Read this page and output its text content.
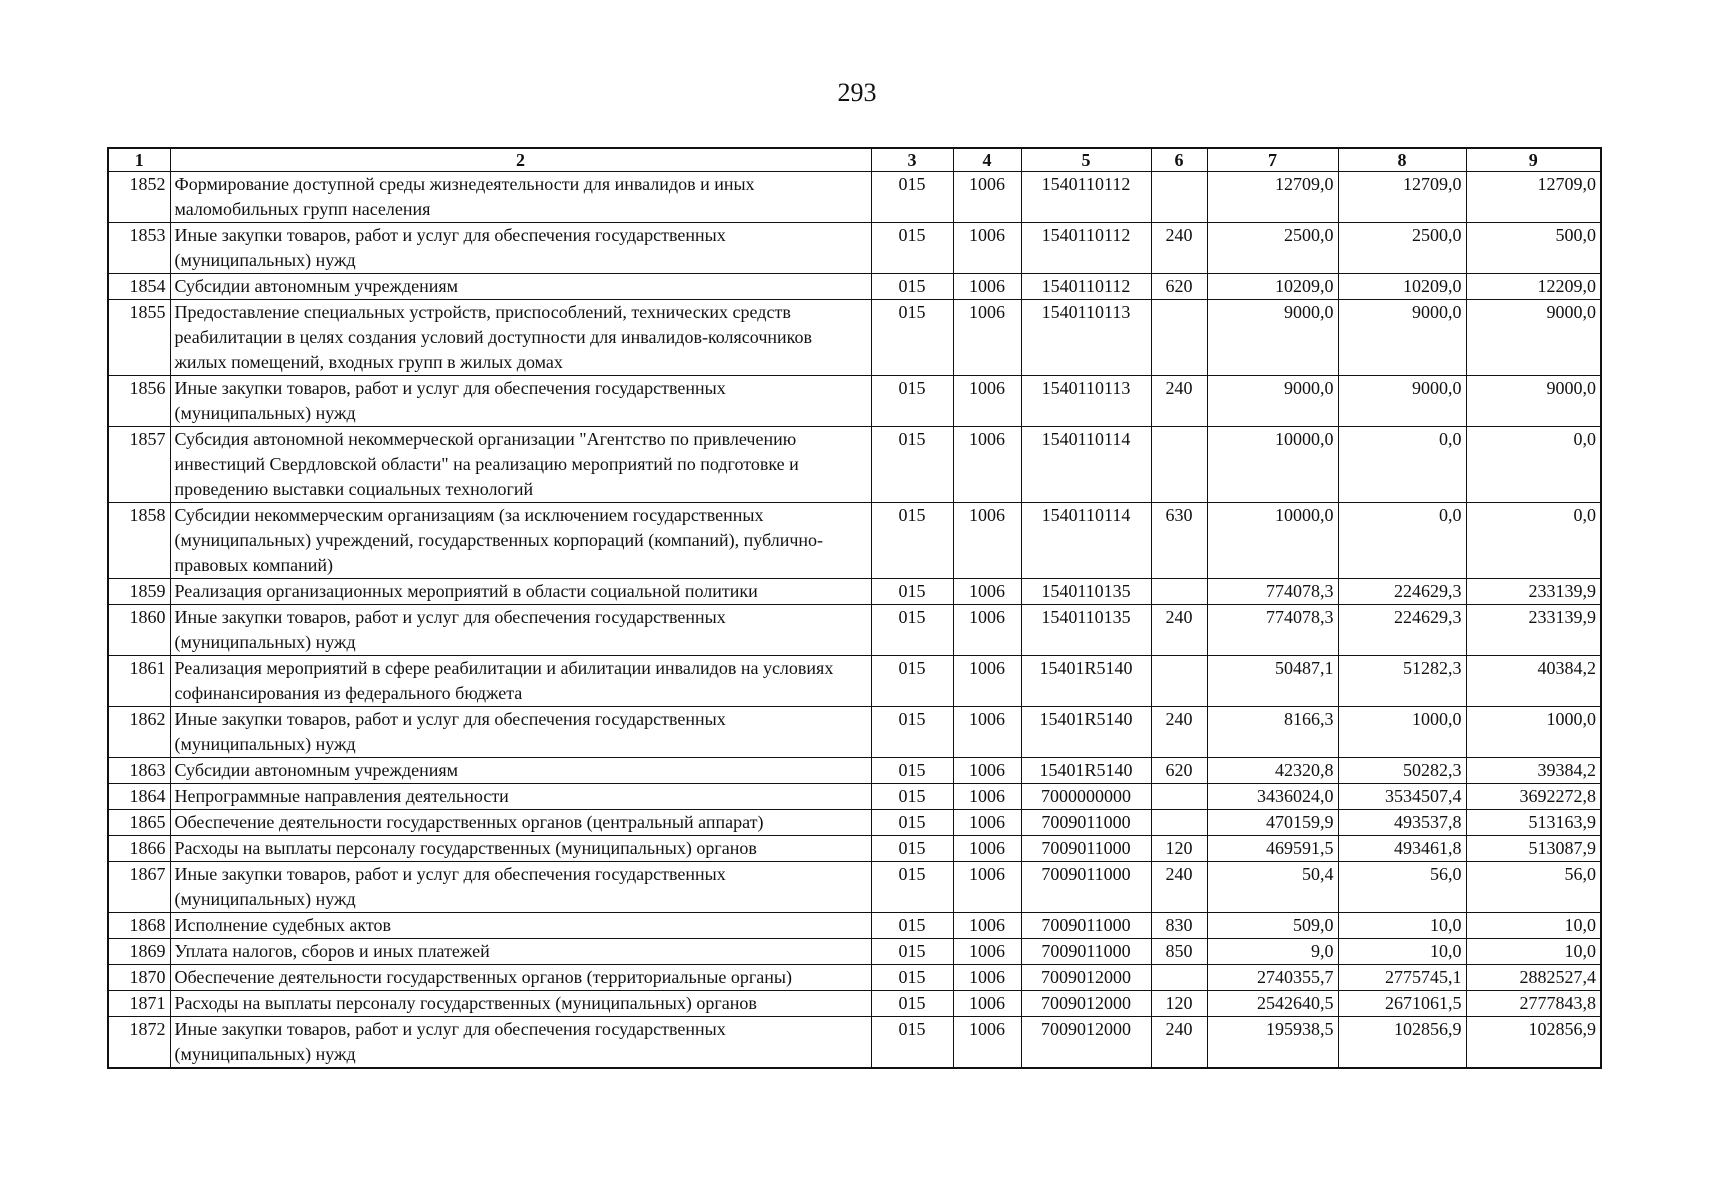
293
1	2	3	4	5	6	7	8	9
1852	Формирование доступной среды жизнедеятельности для инвалидов и иных маломобильных групп населения	015	1006	1540110112		12709,0	12709,0	12709,0
1853	Иные закупки товаров, работ и услуг для обеспечения государственных (муниципальных) нужд	015	1006	1540110112	240	2500,0	2500,0	500,0
1854	Субсидии автономным учреждениям	015	1006	1540110112	620	10209,0	10209,0	12209,0
1855	Предоставление специальных устройств, приспособлений, технических средств реабилитации в целях создания условий доступности для инвалидов-колясочников жилых помещений, входных групп в жилых домах	015	1006	1540110113		9000,0	9000,0	9000,0
1856	Иные закупки товаров, работ и услуг для обеспечения государственных (муниципальных) нужд	015	1006	1540110113	240	9000,0	9000,0	9000,0
1857	Субсидия автономной некоммерческой организации "Агентство по привлечению инвестиций Свердловской области" на реализацию мероприятий по подготовке и проведению выставки социальных технологий	015	1006	1540110114		10000,0	0,0	0,0
1858	Субсидии некоммерческим организациям (за исключением государственных (муниципальных) учреждений, государственных корпораций (компаний), публично-правовых компаний)	015	1006	1540110114	630	10000,0	0,0	0,0
1859	Реализация организационных мероприятий в области социальной политики	015	1006	1540110135		774078,3	224629,3	233139,9
1860	Иные закупки товаров, работ и услуг для обеспечения государственных (муниципальных) нужд	015	1006	1540110135	240	774078,3	224629,3	233139,9
1861	Реализация мероприятий в сфере реабилитации и абилитации инвалидов на условиях софинансирования из федерального бюджета	015	1006	15401R5140		50487,1	51282,3	40384,2
1862	Иные закупки товаров, работ и услуг для обеспечения государственных (муниципальных) нужд	015	1006	15401R5140	240	8166,3	1000,0	1000,0
1863	Субсидии автономным учреждениям	015	1006	15401R5140	620	42320,8	50282,3	39384,2
1864	Непрограммные направления деятельности	015	1006	7000000000		3436024,0	3534507,4	3692272,8
1865	Обеспечение деятельности государственных органов (центральный аппарат)	015	1006	7009011000		470159,9	493537,8	513163,9
1866	Расходы на выплаты персоналу государственных (муниципальных) органов	015	1006	7009011000	120	469591,5	493461,8	513087,9
1867	Иные закупки товаров, работ и услуг для обеспечения государственных (муниципальных) нужд	015	1006	7009011000	240	50,4	56,0	56,0
1868	Исполнение судебных актов	015	1006	7009011000	830	509,0	10,0	10,0
1869	Уплата налогов, сборов и иных платежей	015	1006	7009011000	850	9,0	10,0	10,0
1870	Обеспечение деятельности государственных органов (территориальные органы)	015	1006	7009012000		2740355,7	2775745,1	2882527,4
1871	Расходы на выплаты персоналу государственных (муниципальных) органов	015	1006	7009012000	120	2542640,5	2671061,5	2777843,8
1872	Иные закупки товаров, работ и услуг для обеспечения государственных (муниципальных) нужд	015	1006	7009012000	240	195938,5	102856,9	102856,9
